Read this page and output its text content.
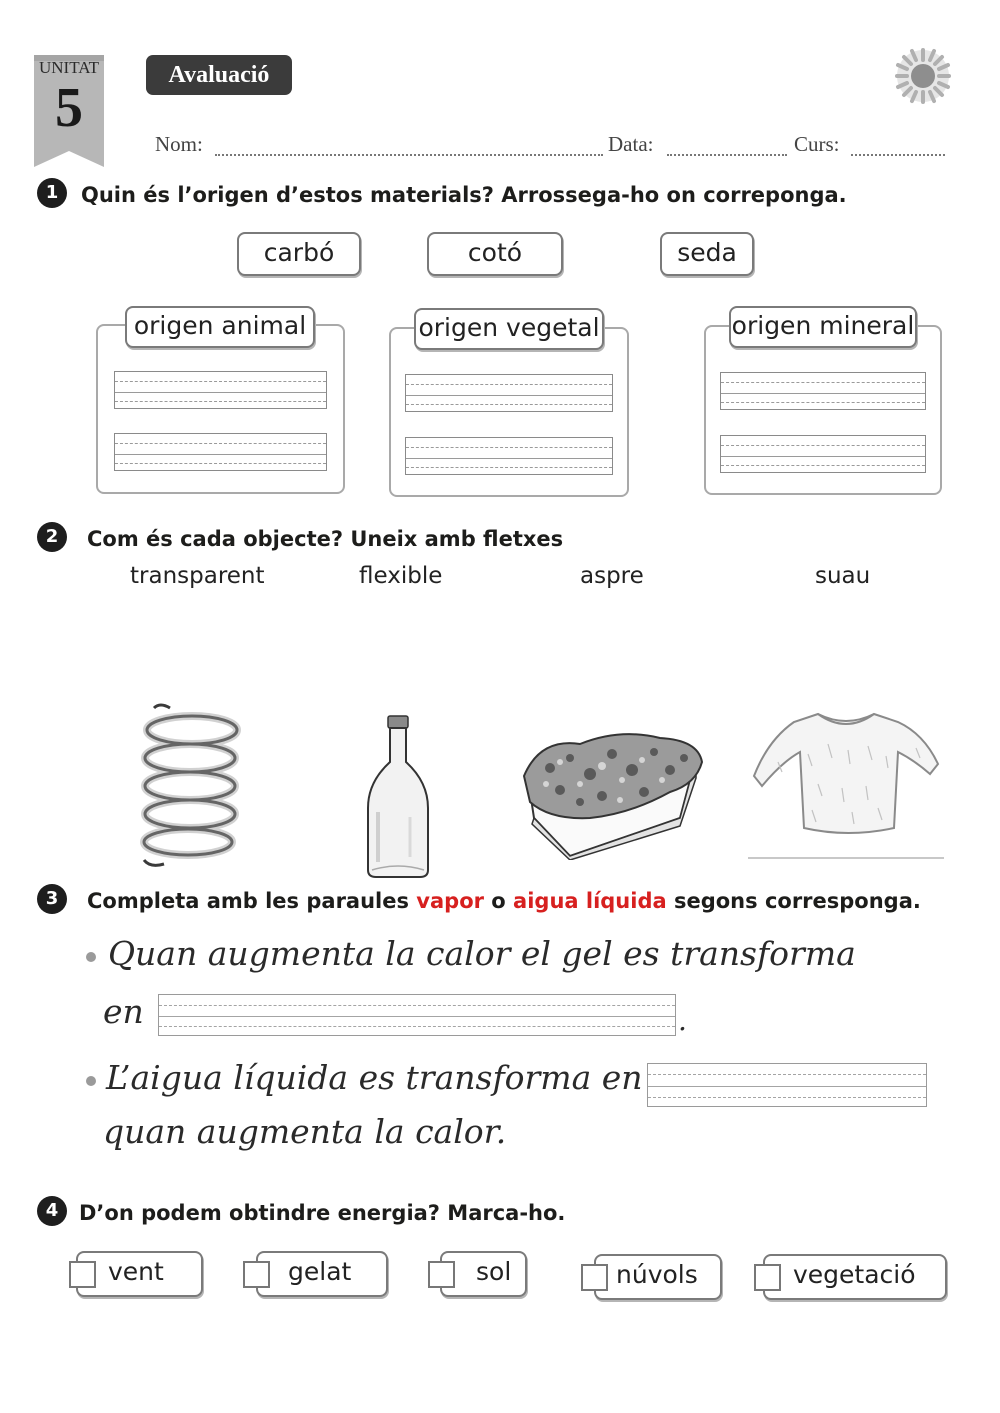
UNITAT
5
Avaluació
Nom:	Data:	Curs:
1	Quin és l’origen d’estos materials? Arrossega-ho on correponga.
carbó	cotó	seda
origen animal	origen vegetal	origen mineral
2	Com és cada objecte? Uneix amb fletxes
transparent	flexible	aspre	suau
3	Completa amb les paraules vapor o aigua líquida segons corresponga.
Quan augmenta la calor el gel es transforma
en	.
L’aigua líquida es transforma en
quan augmenta la calor.
4 D’on podem obtindre energia? Marca-ho.
vent	gelat	sol	núvols	vegetació
